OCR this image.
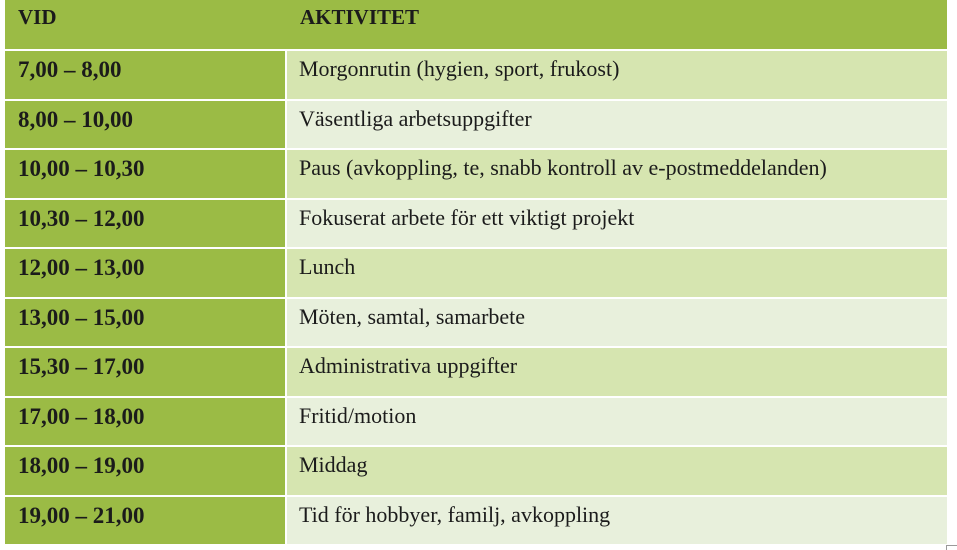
VID	AKTIVITET
7,00 – 8,00	Morgonrutin (hygien, sport, frukost)
8,00 – 10,00	Väsentliga arbetsuppgifter
10,00 – 10,30	Paus (avkoppling, te, snabb kontroll av e-postmeddelanden)
10,30 – 12,00	Fokuserat arbete för ett viktigt projekt
12,00 – 13,00	Lunch
13,00 – 15,00	Möten, samtal, samarbete
15,30 – 17,00	Administrativa uppgifter
17,00 – 18,00	Fritid/motion
18,00 – 19,00	Middag
19,00 – 21,00	Tid för hobbyer, familj, avkoppling
